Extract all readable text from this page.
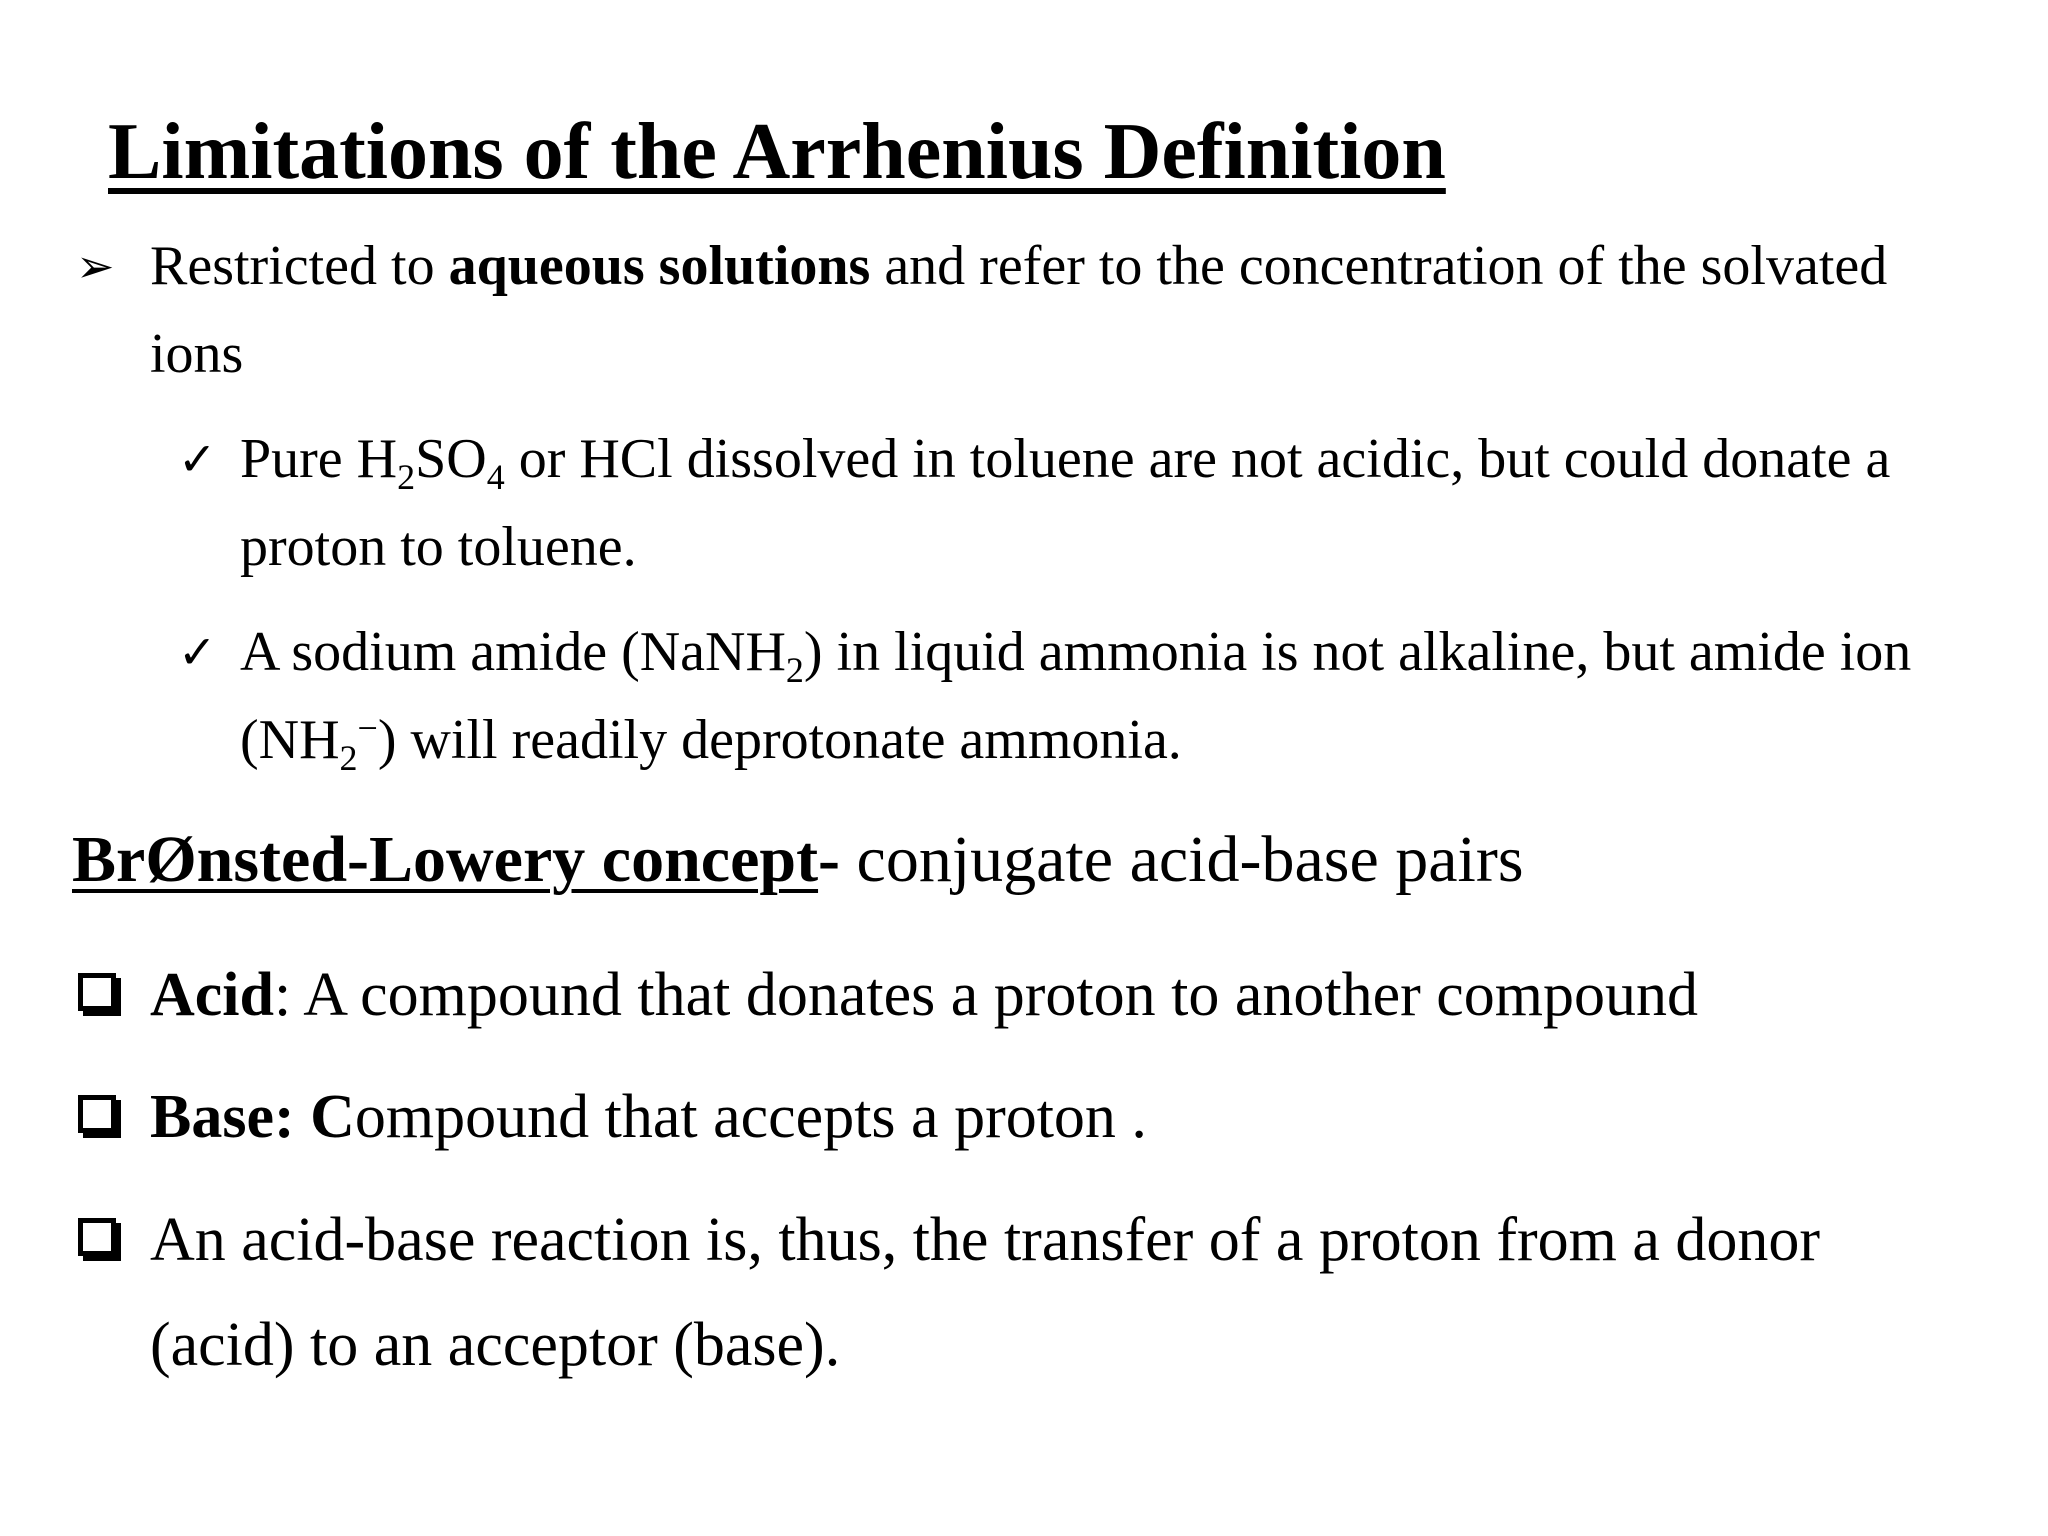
Limitations of the Arrhenius Definition
➢ Restricted to aqueous solutions and refer to the concentration of the solvated
ions
✓ Pure $H_2SO_4$ or HCl dissolved in toluene are not acidic, but could donate a
proton to toluene.
✓ A sodium amide (NaNH$_2$) in liquid ammonia is not alkaline, but amide ion
$(NH_2^-)$ will readily deprotonate ammonia.
BrØnsted-Lowery concept- conjugate acid-base pairs
Acid: A compound that donates a proton to another compound
Base: Compound that accepts a proton .
An acid-base reaction is, thus, the transfer of a proton from a donor
(acid) to an acceptor (base).
